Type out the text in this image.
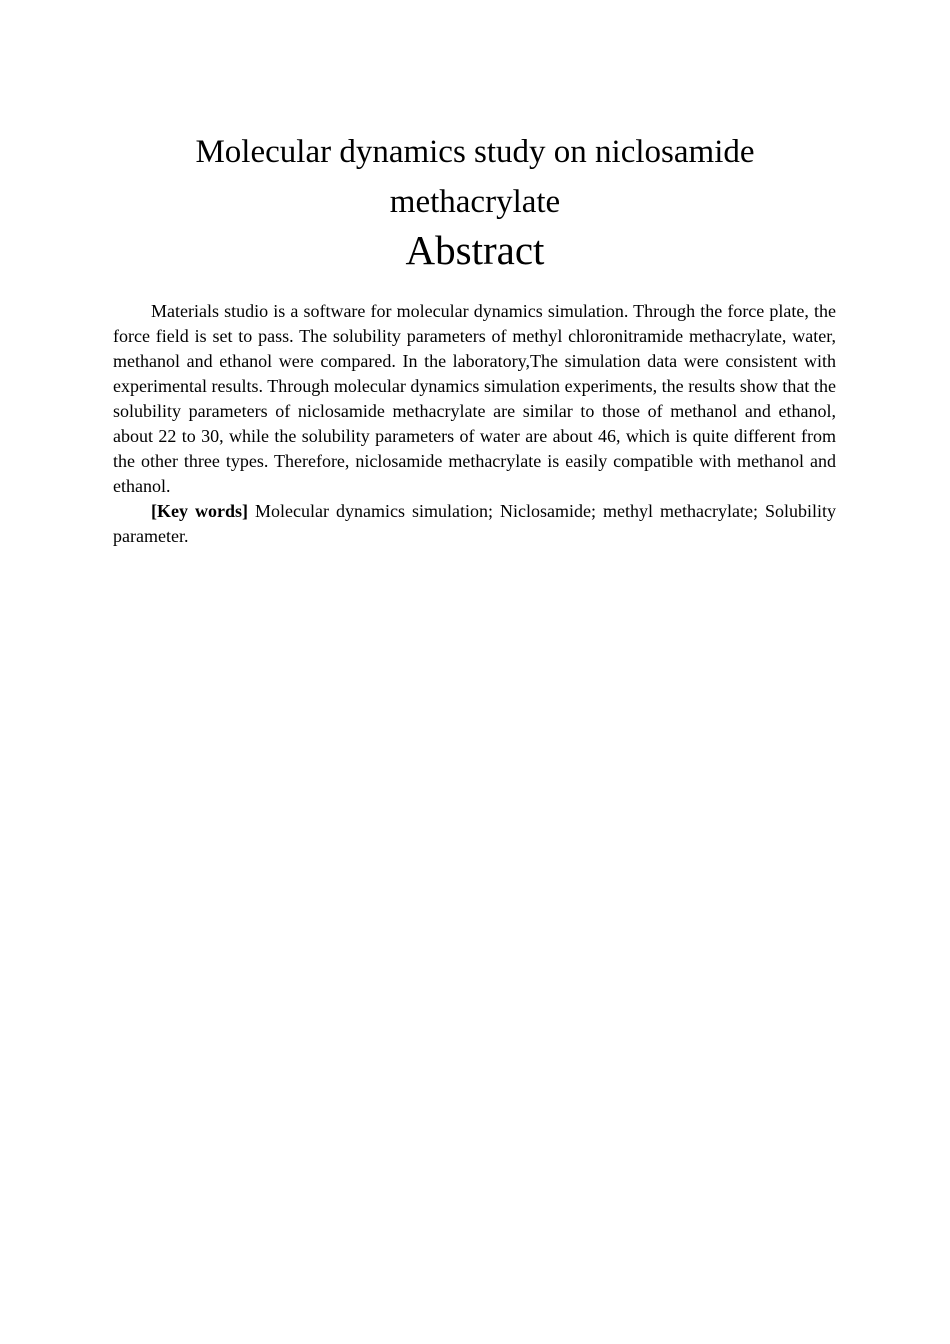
Molecular dynamics study on niclosamide methacrylate
Abstract

Materials studio is a software for molecular dynamics simulation. Through the force plate, the force field is set to pass. The solubility parameters of methyl chloronitramide methacrylate, water, methanol and ethanol were compared. In the laboratory,The simulation data were consistent with experimental results. Through molecular dynamics simulation experiments, the results show that the solubility parameters of niclosamide methacrylate are similar to those of methanol and ethanol, about 22 to 30, while the solubility parameters of water are about 46, which is quite different from the other three types. Therefore, niclosamide methacrylate is easily compatible with methanol and ethanol.

[Key words] Molecular dynamics simulation; Niclosamide; methyl methacrylate; Solubility parameter.
